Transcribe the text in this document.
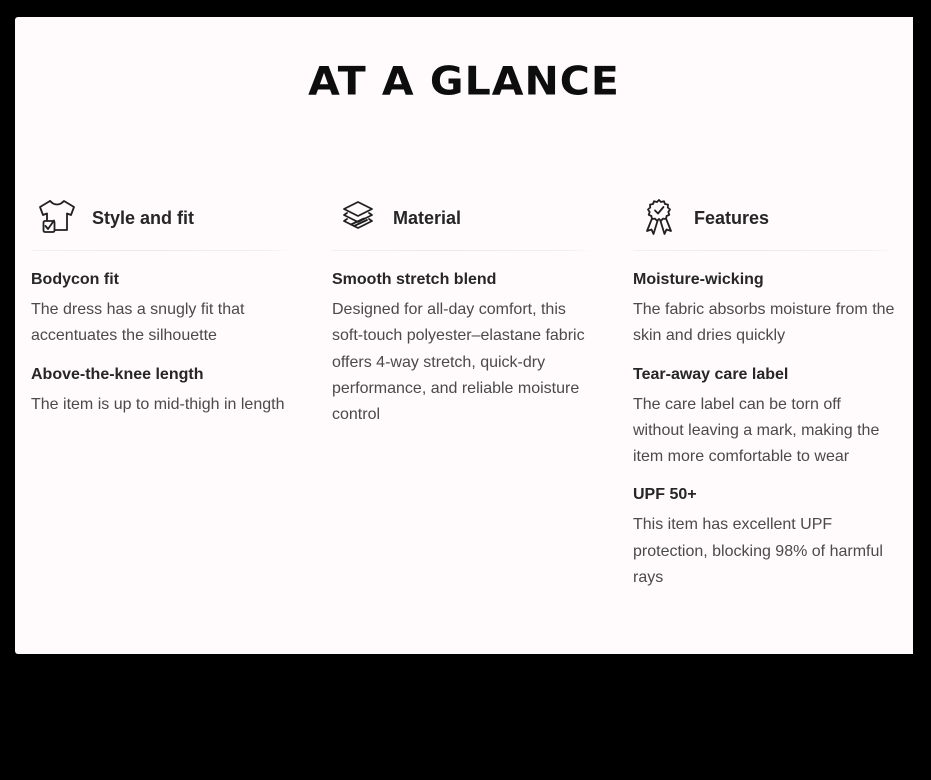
AT A GLANCE
Style and fit
Bodycon fit
The dress has a snugly fit that accentuates the silhouette
Above-the-knee length
The item is up to mid-thigh in length
Material
Smooth stretch blend
Designed for all-day comfort, this soft-touch polyester–elastane fabric offers 4-way stretch, quick-dry performance, and reliable moisture control
Features
Moisture-wicking
The fabric absorbs moisture from the skin and dries quickly
Tear-away care label
The care label can be torn off without leaving a mark, making the item more comfortable to wear
UPF 50+
This item has excellent UPF protection, blocking 98% of harmful rays
